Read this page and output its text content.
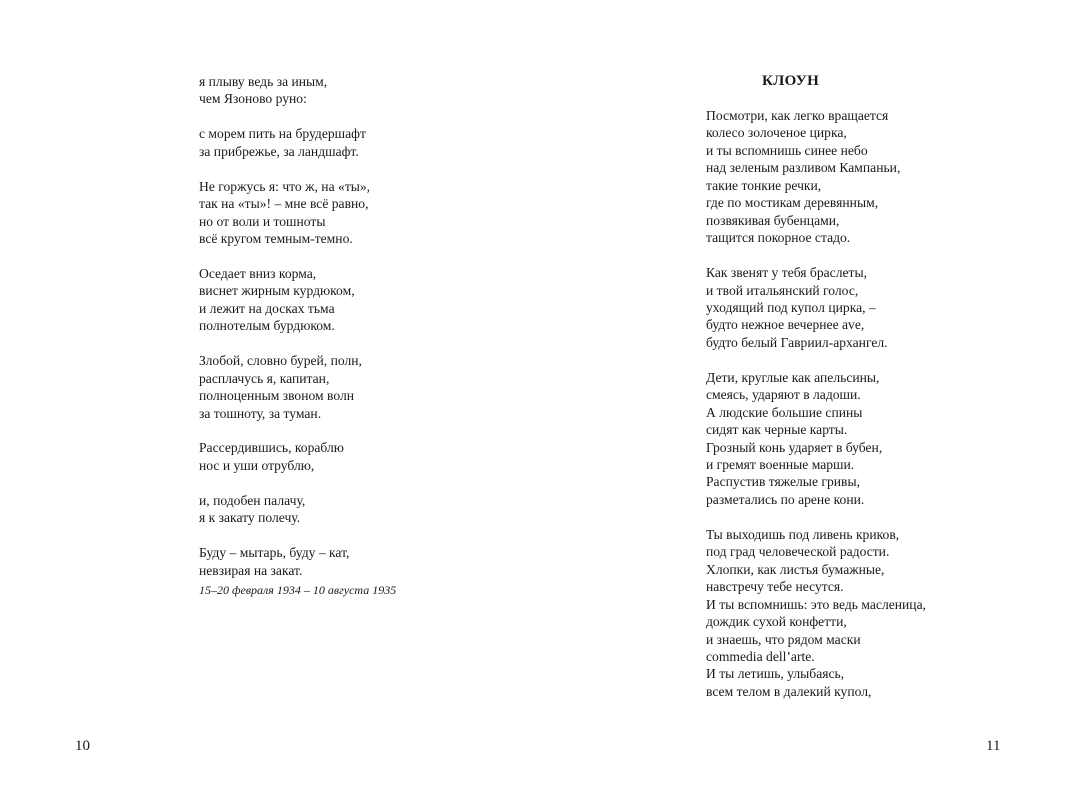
я плыву ведь за иным,
чем Язоново руно:
с морем пить на брудершафт
за прибрежье, за ландшафт.
Не горжусь я: что ж, на «ты»,
так на «ты»! – мне всё равно,
но от воли и тошноты
всё кругом темным-темно.
Оседает вниз корма,
виснет жирным курдюком,
и лежит на досках тьма
полнотелым бурдюком.
Злобой, словно бурей, полн,
расплачусь я, капитан,
полноценным звоном волн
за тошноту, за туман.
Рассердившись, кораблю
нос и уши отрублю,
и, подобен палачу,
я к закату полечу.
Буду – мытарь, буду – кат,
невзирая на закат.
15–20 февраля 1934 – 10 августа 1935
10
КЛОУН
Посмотри, как легко вращается
колесо золоченое цирка,
и ты вспомнишь синее небо
над зеленым разливом Кампаньи,
такие тонкие речки,
где по мостикам деревянным,
позвякивая бубенцами,
тащится покорное стадо.
Как звенят у тебя браслеты,
и твой итальянский голос,
уходящий под купол цирка, –
будто нежное вечернее ave,
будто белый Гавриил-архангел.
Дети, круглые как апельсины,
смеясь, ударяют в ладоши.
А людские большие спины
сидят как черные карты.
Грозный конь ударяет в бубен,
и гремят военные марши.
Распустив тяжелые гривы,
разметались по арене кони.
Ты выходишь под ливень криков,
под град человеческой радости.
Хлопки, как листья бумажные,
навстречу тебе несутся.
И ты вспомнишь: это ведь масленица,
дождик сухой конфетти,
и знаешь, что рядом маски
commedia dell’arte.
И ты летишь, улыбаясь,
всем телом в далекий купол,
11
